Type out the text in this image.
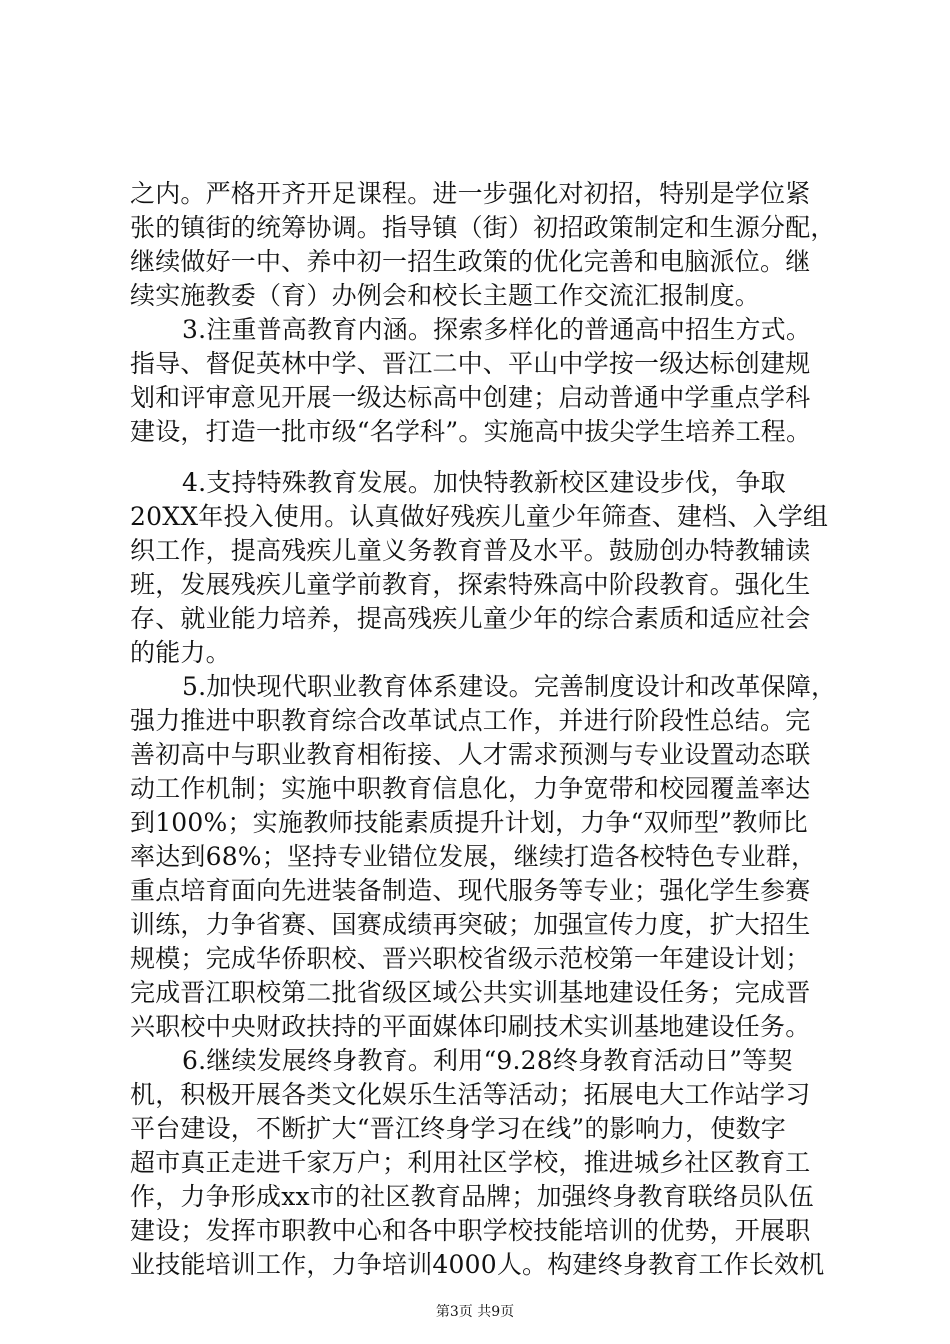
之内。严格开齐开足课程。进一步强化对初招，特别是学位紧
张的镇街的统筹协调。指导镇（街）初招政策制定和生源分配，
继续做好一中、养中初一招生政策的优化完善和电脑派位。继
续实施教委（育）办例会和校长主题工作交流汇报制度。
3.注重普高教育内涵。探索多样化的普通高中招生方式。
指导、督促英林中学、晋江二中、平山中学按一级达标创建规
划和评审意见开展一级达标高中创建；启动普通中学重点学科
建设，打造一批市级“名学科”。实施高中拔尖学生培养工程。
4.支持特殊教育发展。加快特教新校区建设步伐，争取
20XX年投入使用。认真做好残疾儿童少年筛查、建档、入学组
织工作，提高残疾儿童义务教育普及水平。鼓励创办特教辅读
班，发展残疾儿童学前教育，探索特殊高中阶段教育。强化生
存、就业能力培养，提高残疾儿童少年的综合素质和适应社会
的能力。
5.加快现代职业教育体系建设。完善制度设计和改革保障，
强力推进中职教育综合改革试点工作，并进行阶段性总结。完
善初高中与职业教育相衔接、人才需求预测与专业设置动态联
动工作机制；实施中职教育信息化，力争宽带和校园覆盖率达
到100%；实施教师技能素质提升计划，力争“双师型”教师比
率达到68%；坚持专业错位发展，继续打造各校特色专业群，
重点培育面向先进装备制造、现代服务等专业；强化学生参赛
训练，力争省赛、国赛成绩再突破；加强宣传力度，扩大招生
规模；完成华侨职校、晋兴职校省级示范校第一年建设计划；
完成晋江职校第二批省级区域公共实训基地建设任务；完成晋
兴职校中央财政扶持的平面媒体印刷技术实训基地建设任务。
6.继续发展终身教育。利用“9.28终身教育活动日”等契
机，积极开展各类文化娱乐生活等活动；拓展电大工作站学习
平台建设，不断扩大“晋江终身学习在线”的影响力，使数字
超市真正走进千家万户；利用社区学校，推进城乡社区教育工
作，力争形成xx市的社区教育品牌；加强终身教育联络员队伍
建设；发挥市职教中心和各中职学校技能培训的优势，开展职
业技能培训工作，力争培训4000人。构建终身教育工作长效机
第3页 共9页
